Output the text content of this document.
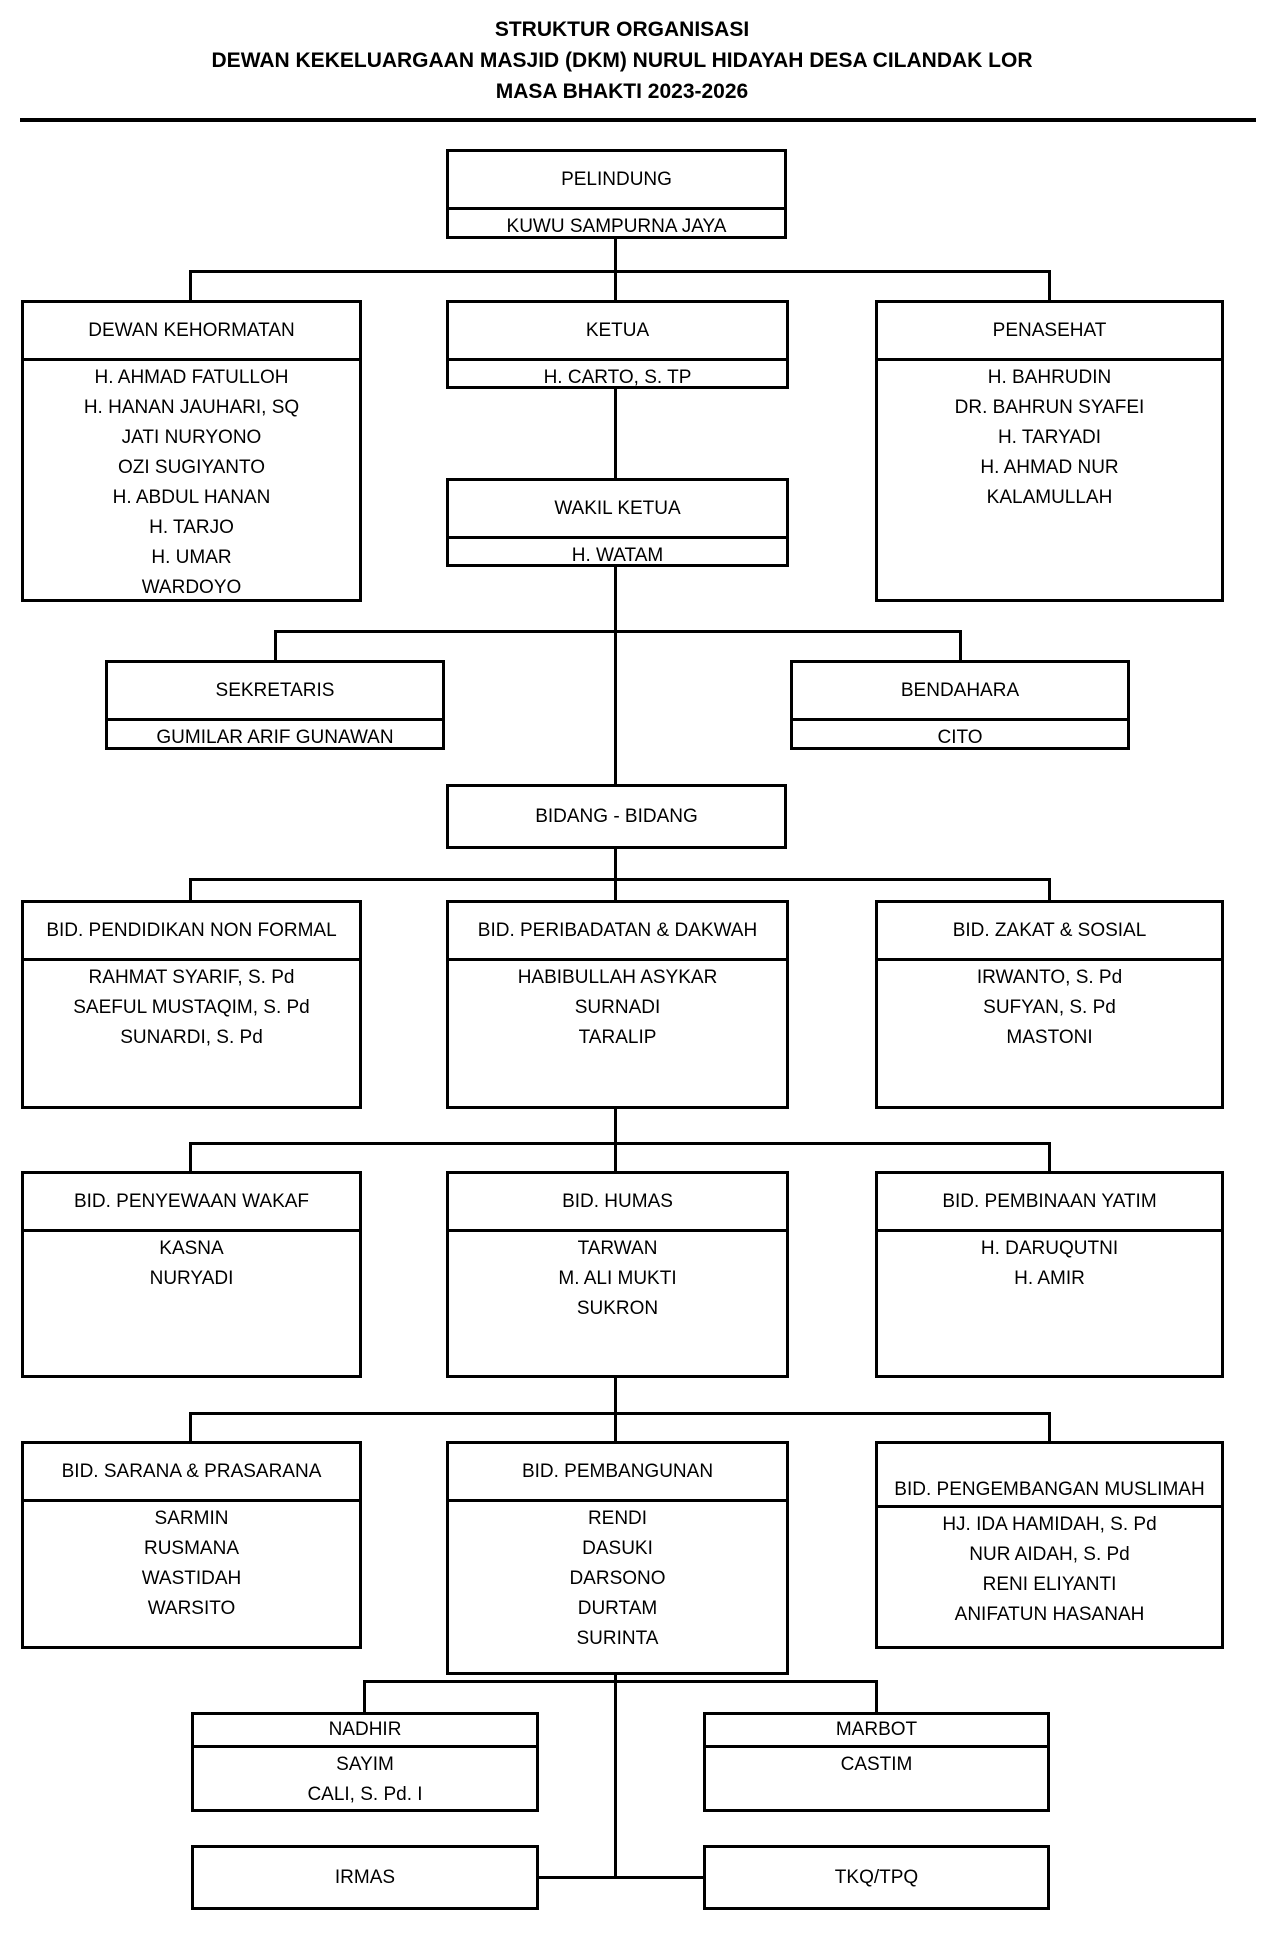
STRUKTUR ORGANISASI
DEWAN KEKELUARGAAN MASJID (DKM) NURUL HIDAYAH DESA CILANDAK LOR
MASA BHAKTI 2023-2026
PELINDUNG
KUWU SAMPURNA JAYA
DEWAN KEHORMATAN
H. AHMAD FATULLOH
H. HANAN JAUHARI, SQ
JATI NURYONO
OZI SUGIYANTO
H. ABDUL HANAN
H. TARJO
H. UMAR
WARDOYO
KETUA
H. CARTO, S. TP
PENASEHAT
H. BAHRUDIN
DR. BAHRUN SYAFEI
H. TARYADI
H. AHMAD NUR
KALAMULLAH
WAKIL KETUA
H. WATAM
SEKRETARIS
GUMILAR ARIF GUNAWAN
BENDAHARA
CITO
BIDANG - BIDANG
BID. PENDIDIKAN NON FORMAL
RAHMAT SYARIF, S. Pd
SAEFUL MUSTAQIM, S. Pd
SUNARDI, S. Pd
BID. PERIBADATAN & DAKWAH
HABIBULLAH ASYKAR
SURNADI
TARALIP
BID. ZAKAT & SOSIAL
IRWANTO, S. Pd
SUFYAN, S. Pd
MASTONI
BID. PENYEWAAN WAKAF
KASNA
NURYADI
BID. HUMAS
TARWAN
M. ALI MUKTI
SUKRON
BID. PEMBINAAN YATIM
H. DARUQUTNI
H. AMIR
BID. SARANA & PRASARANA
SARMIN
RUSMANA
WASTIDAH
WARSITO
BID. PEMBANGUNAN
RENDI
DASUKI
DARSONO
DURTAM
SURINTA
BID. PENGEMBANGAN MUSLIMAH
HJ. IDA HAMIDAH, S. Pd
NUR AIDAH, S. Pd
RENI ELIYANTI
ANIFATUN HASANAH
NADHIR
SAYIM
CALI, S. Pd. I
MARBOT
CASTIM
IRMAS	TKQ/TPQ
